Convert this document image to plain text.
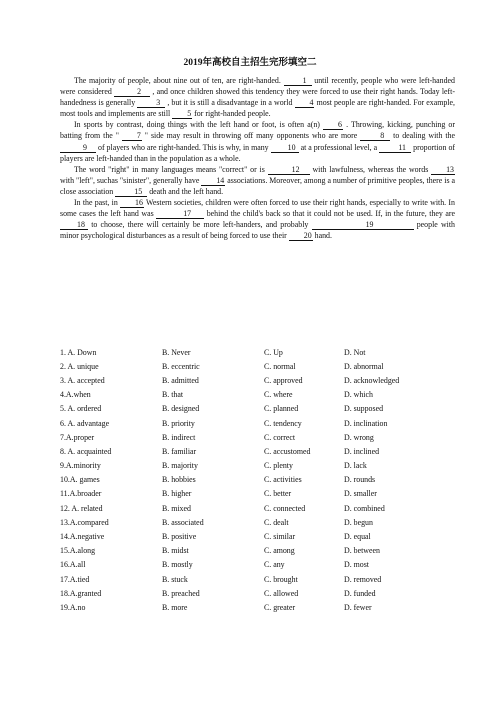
2019年高校自主招生完形填空二

The majority of people, about nine out of ten, are right-handed.	1 until recently, people who were left-handed were considered	2 , and once children showed this tendency they were forced to use their right hands. Today left-handedness is generally	3 , but it is still a disadvantage in a world 4 most people are right-handed. For example, most tools and implements are still 5 for right-handed people.

In sports by contrast, doing things with the left hand or foot, is often a(n) 6 . Throwing, kicking, punching or batting from the " 7 " side may result in throwing off many opponents who are more	8 to dealing with the 9 of players who are right-handed. This is why, in many 10 at a professional level, a	11 proportion of players are left-handed than in the population as a whole.

The word "right" in many languages means "correct" or is	12 with lawfulness, whereas the words 13 with "left", suchas "sinister", generally have 14 associations. Moreover, among a number of primitive peoples, there is a close association	15 death and the left hand.

In the past, in 16 Western societies, children were often forced to use their right hands, especially to write with. In some cases the left hand was	17 behind the child's back so that it could not be used. If, in the future, they are 18 to choose, there will certainly be more left-handers, and probably	19	people with minor psychological disturbances as a result of being forced to use their 20 hand.

1. A. Down	B. Never	C. Up	D. Not
2. A. unique	B. eccentric	C. normal	D. abnormal
3. A. accepted	B. admitted	C. approved	D. acknowledged
4.A.when	B. that	C. where	D. which
5. A. ordered	B. designed	C. planned	D. supposed
6. A. advantage	B. priority	C. tendency	D. inclination
7.A.proper	B. indirect	C. correct	D. wrong
8. A. acquainted	B. familiar	C. accustomed	D. inclined
9.A.minority	B. majority	C. plenty	D. lack
10.A. games	B. hobbies	C. activities	D. rounds
11.A.broader	B. higher	C. better	D. smaller
12. A. related	B. mixed	C. connected	D. combined
13.A.compared	B. associated	C. dealt	D. begun
14.A.negative	B. positive	C. similar	D. equal
15.A.along	B. midst	C. among	D. between
16.A.all	B. mostly	C. any	D. most
17.A.tied	B. stuck	C. brought	D. removed
18.A.granted	B. preached	C. allowed	D. funded
19.A.no	B. more	C. greater	D. fewer
